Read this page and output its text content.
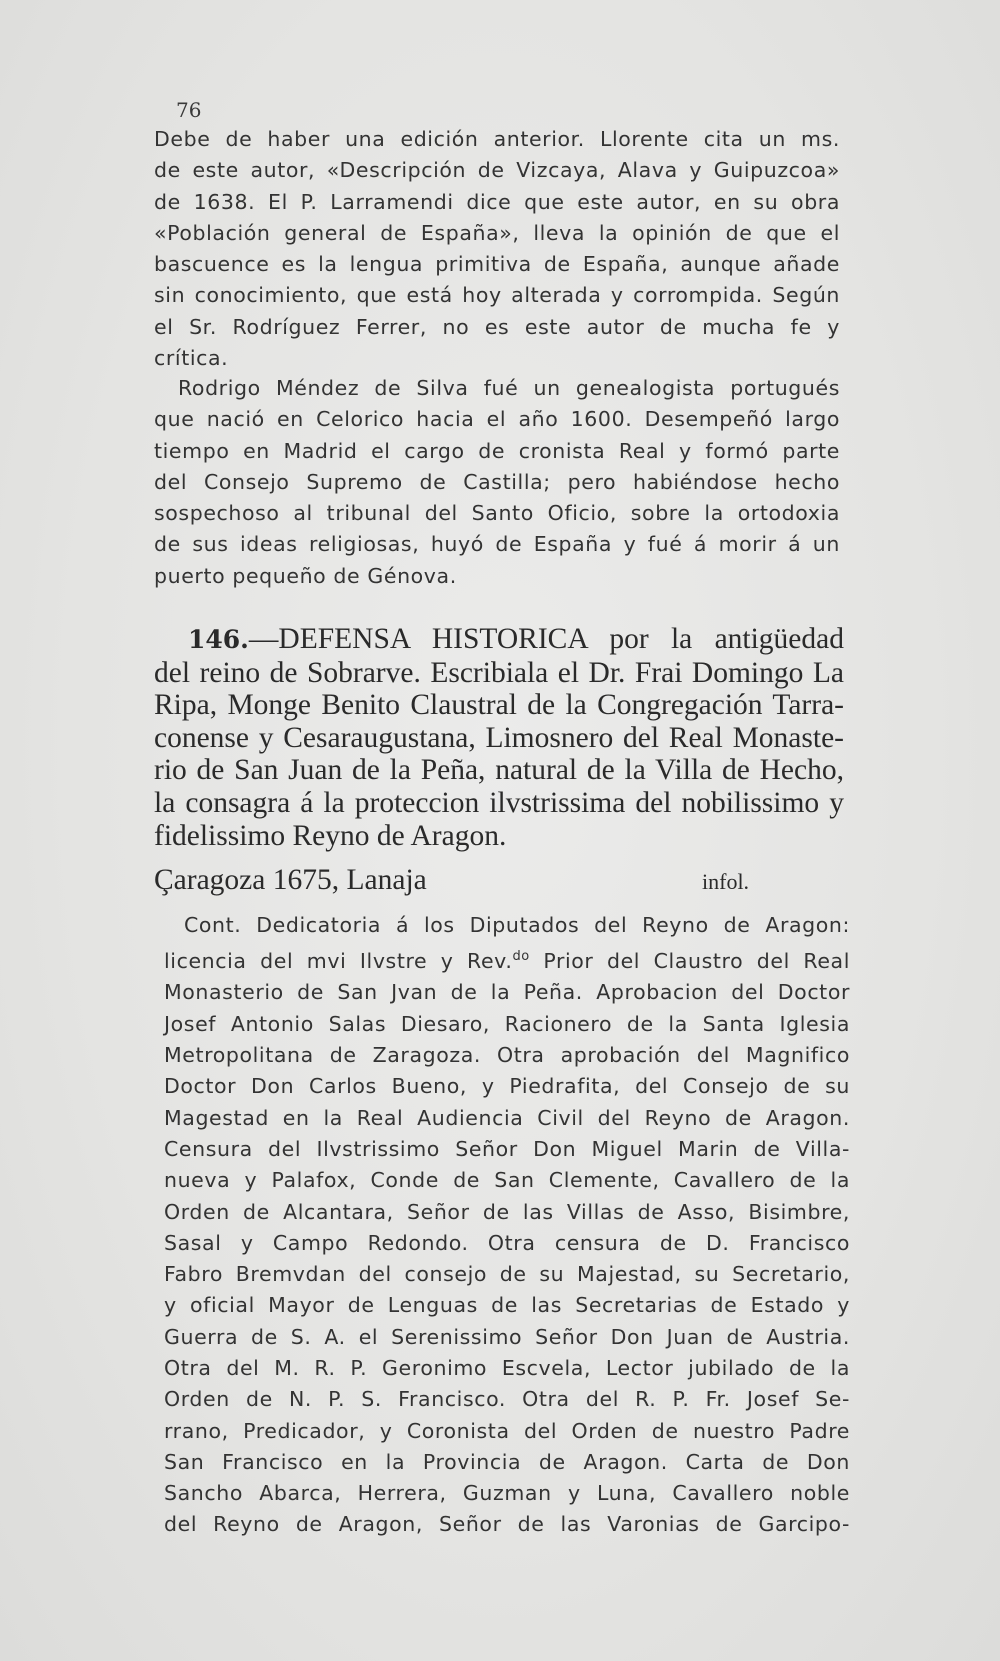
76
Debe de haber una edición anterior. Llorente cita un ms.
de este autor, «Descripción de Vizcaya, Alava y Guipuzcoa»
de 1638. El P. Larramendi dice que este autor, en su obra
«Población general de España», lleva la opinión de que el
bascuence es la lengua primitiva de España, aunque añade
sin conocimiento, que está hoy alterada y corrompida. Según
el Sr. Rodríguez Ferrer, no es este autor de mucha fe y
crítica.
Rodrigo Méndez de Silva fué un genealogista portugués
que nació en Celorico hacia el año 1600. Desempeñó largo
tiempo en Madrid el cargo de cronista Real y formó parte
del Consejo Supremo de Castilla; pero habiéndose hecho
sospechoso al tribunal del Santo Oficio, sobre la ortodoxia
de sus ideas religiosas, huyó de España y fué á morir á un
puerto pequeño de Génova.
146.—DEFENSA HISTORICA por la antigüedad
del reino de Sobrarve. Escribiala el Dr. Frai Domingo La
Ripa, Monge Benito Claustral de la Congregación Tarra-
conense y Cesaraugustana, Limosnero del Real Monaste-
rio de San Juan de la Peña, natural de la Villa de Hecho,
la consagra á la proteccion ilvstrissima del nobilissimo y
fidelissimo Reyno de Aragon.
Çaragoza 1675, Lanaja	infol.
Cont. Dedicatoria á los Diputados del Reyno de Aragon:
licencia del mvi Ilvstre y Rev.$^{do}$ Prior del Claustro del Real
Monasterio de San Jvan de la Peña. Aprobacion del Doctor
Josef Antonio Salas Diesaro, Racionero de la Santa Iglesia
Metropolitana de Zaragoza. Otra aprobación del Magnifico
Doctor Don Carlos Bueno, y Piedrafita, del Consejo de su
Magestad en la Real Audiencia Civil del Reyno de Aragon.
Censura del Ilvstrissimo Señor Don Miguel Marin de Villa-
nueva y Palafox, Conde de San Clemente, Cavallero de la
Orden de Alcantara, Señor de las Villas de Asso, Bisimbre,
Sasal y Campo Redondo. Otra censura de D. Francisco
Fabro Bremvdan del consejo de su Majestad, su Secretario,
y oficial Mayor de Lenguas de las Secretarias de Estado y
Guerra de S. A. el Serenissimo Señor Don Juan de Austria.
Otra del M. R. P. Geronimo Escvela, Lector jubilado de la
Orden de N. P. S. Francisco. Otra del R. P. Fr. Josef Se-
rrano, Predicador, y Coronista del Orden de nuestro Padre
San Francisco en la Provincia de Aragon. Carta de Don
Sancho Abarca, Herrera, Guzman y Luna, Cavallero noble
del Reyno de Aragon, Señor de las Varonias de Garcipo-
